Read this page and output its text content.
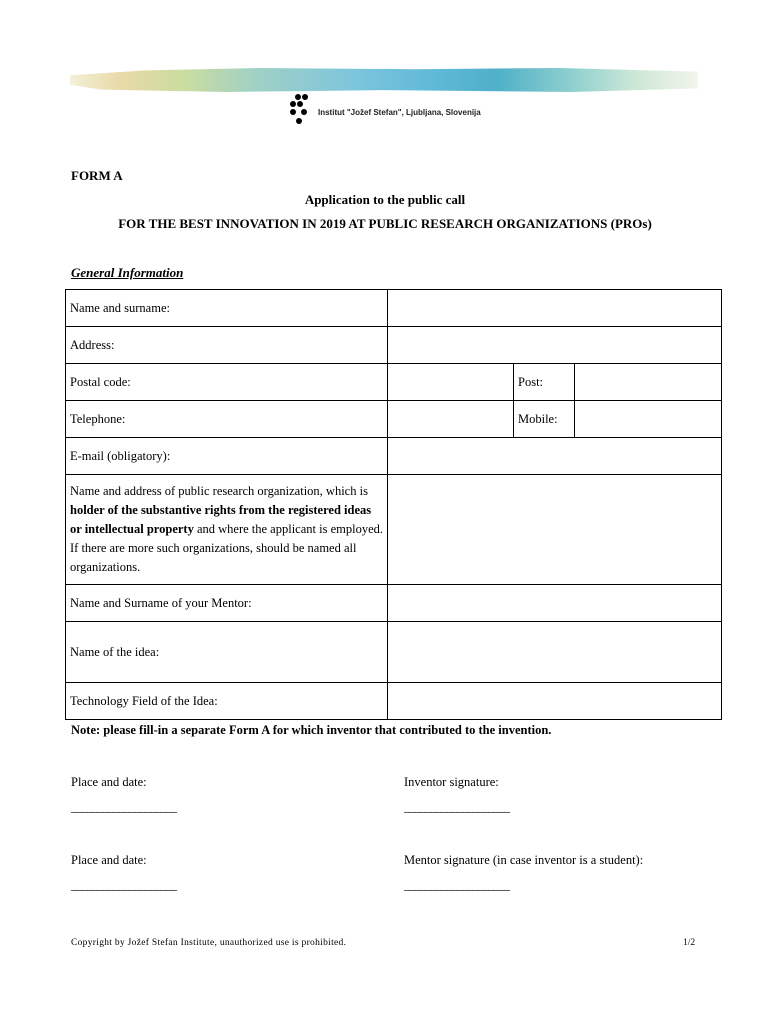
Institut "Jožef Stefan", Ljubljana, Slovenija
FORM A
Application to the public call
FOR THE BEST INNOVATION IN 2019 AT PUBLIC RESEARCH ORGANIZATIONS (PROs)
General Information
Name and surname:			
Address:			
Postal code:		Post:	
Telephone:		Mobile:	
E-mail (obligatory):			
Name and address of public research organization, which is holder of the substantive rights from the registered ideas or intellectual property and where the applicant is employed. If there are more such organizations, should be named all organizations.			
Name and Surname of your Mentor:			
Name of the idea:			
Technology Field of the Idea:			
Note: please fill-in a separate Form A for which inventor that contributed to the invention.
Place and date:	Inventor signature:
____________________	____________________
Place and date:	Mentor signature (in case inventor is a student):
____________________	____________________
Copyright by Jožef Stefan Institute, unauthorized use is prohibited.	1/2
